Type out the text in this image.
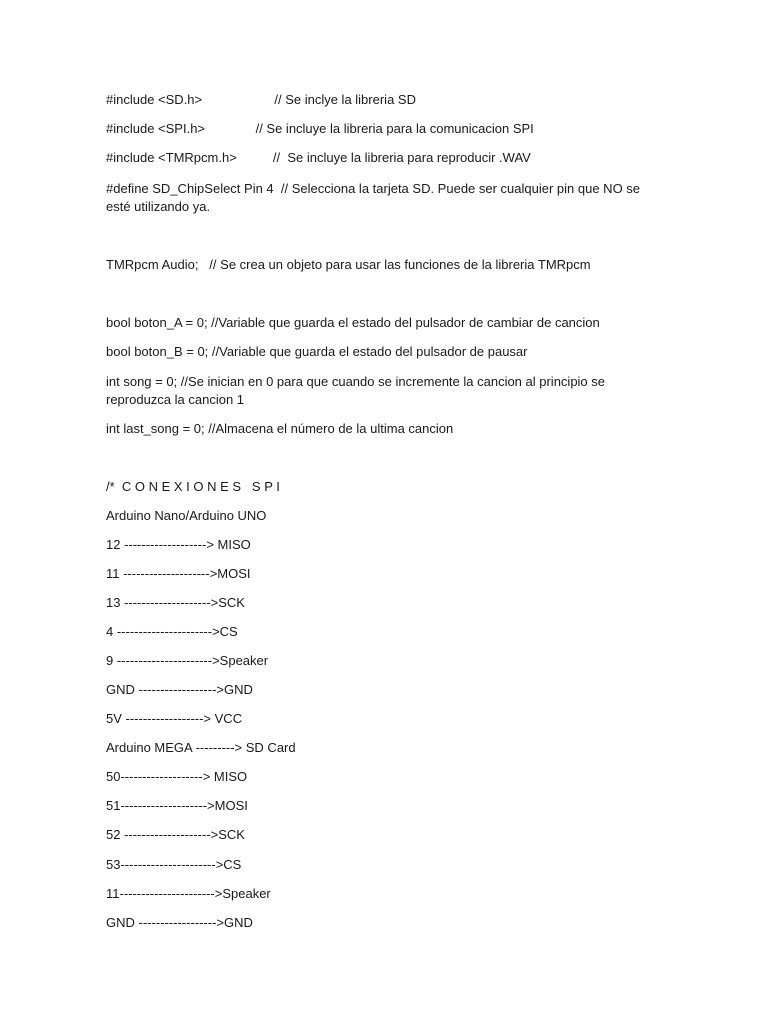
#include <SD.h>                    // Se inclye la libreria SD
#include <SPI.h>              // Se incluye la libreria para la comunicacion SPI
#include <TMRpcm.h>          //  Se incluye la libreria para reproducir .WAV
#define SD_ChipSelect Pin 4  // Selecciona la tarjeta SD. Puede ser cualquier pin que NO se esté utilizando ya.
TMRpcm Audio;   // Se crea un objeto para usar las funciones de la libreria TMRpcm
bool boton_A = 0; //Variable que guarda el estado del pulsador de cambiar de cancion
bool boton_B = 0; //Variable que guarda el estado del pulsador de pausar
int song = 0; //Se inician en 0 para que cuando se incremente la cancion al principio se reproduzca la cancion 1
int last_song = 0; //Almacena el número de la ultima cancion
/*  C O N E X I O N E S   S P I
Arduino Nano/Arduino UNO
12 -------------------> MISO
11 -------------------->MOSI
13 -------------------->SCK
4 ---------------------->CS
9 ---------------------->Speaker
GND ------------------>GND
5V ------------------> VCC
Arduino MEGA ---------> SD Card
50-------------------> MISO
51-------------------->MOSI
52 -------------------->SCK
53---------------------->CS
11---------------------->Speaker
GND ------------------>GND
